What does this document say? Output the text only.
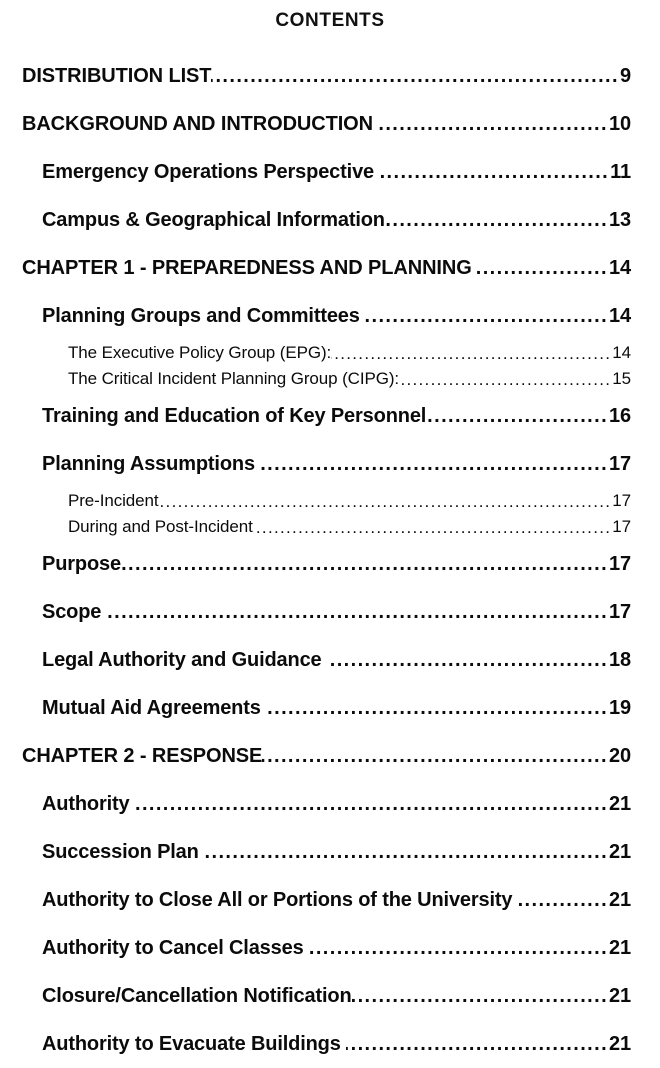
CONTENTS
DISTRIBUTION LIST .....	9
BACKGROUND AND INTRODUCTION .....	10
Emergency Operations Perspective .....	11
Campus & Geographical Information .....	13
CHAPTER 1 - PREPAREDNESS AND PLANNING .....	14
Planning Groups and Committees .....	14
The Executive Policy Group (EPG): .....	14
The Critical Incident Planning Group (CIPG): .....	15
Training and Education of Key Personnel .....	16
Planning Assumptions .....	17
Pre-Incident .....	17
During and Post-Incident .....	17
Purpose .....	17
Scope .....	17
Legal Authority and Guidance .....	18
Mutual Aid Agreements .....	19
CHAPTER 2 - RESPONSE .....	20
Authority .....	21
Succession Plan .....	21
Authority to Close All or Portions of the University .....	21
Authority to Cancel Classes .....	21
Closure/Cancellation Notification .....	21
Authority to Evacuate Buildings .....	21
